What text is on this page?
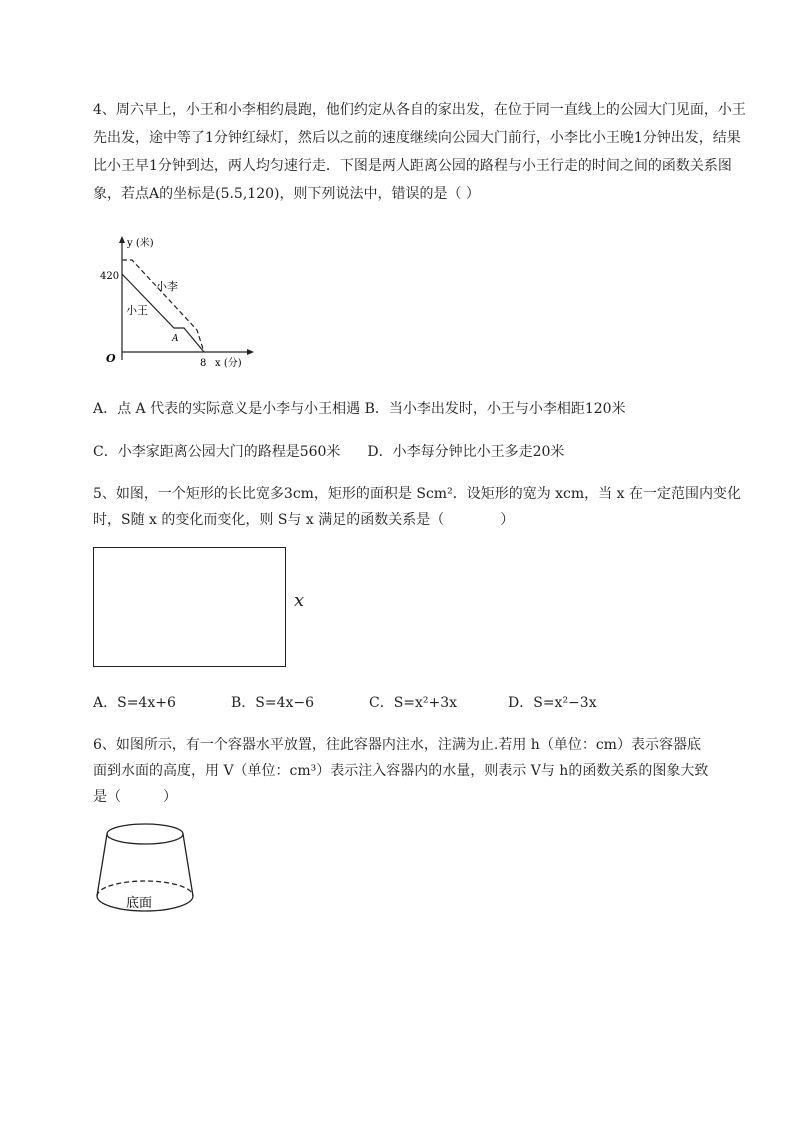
4、周六早上，小王和小李相约晨跑，他们约定从各自的家出发，在位于同一直线上的公园大门见面，小王先出发，途中等了1分钟红绿灯，然后以之前的速度继续向公园大门前行，小李比小王晚1分钟出发，结果比小王早1分钟到达，两人均匀速行走．下图是两人距离公园的路程与小王行走的时间之间的函数关系图象，若点A的坐标是(5.5,120)，则下列说法中，错误的是（ ）

y (米)
x (分)
O
420
8
小李
小王
A
A．点 A 代表的实际意义是小李与小王相遇 B．当小李出发时，小王与小李相距120米
C．小李家距离公园大门的路程是560米 D．小李每分钟比小王多走20米
5、如图，一个矩形的长比宽多3cm，矩形的面积是 Scm²．设矩形的宽为 xcm，当 x 在一定范围内变化
时，S随 x 的变化而变化，则 S与 x 满足的函数关系是（　　　　）
x
A．S=4x+6	B．S=4x−6	C．S=x²+3x	D．S=x²−3x
6、如图所示，有一个容器水平放置，往此容器内注水，注满为止.若用 h（单位：cm）表示容器底
面到水面的高度，用 V（单位：cm³）表示注入容器内的水量，则表示 V与 h的函数关系的图象大致
是（　　　）
底面
